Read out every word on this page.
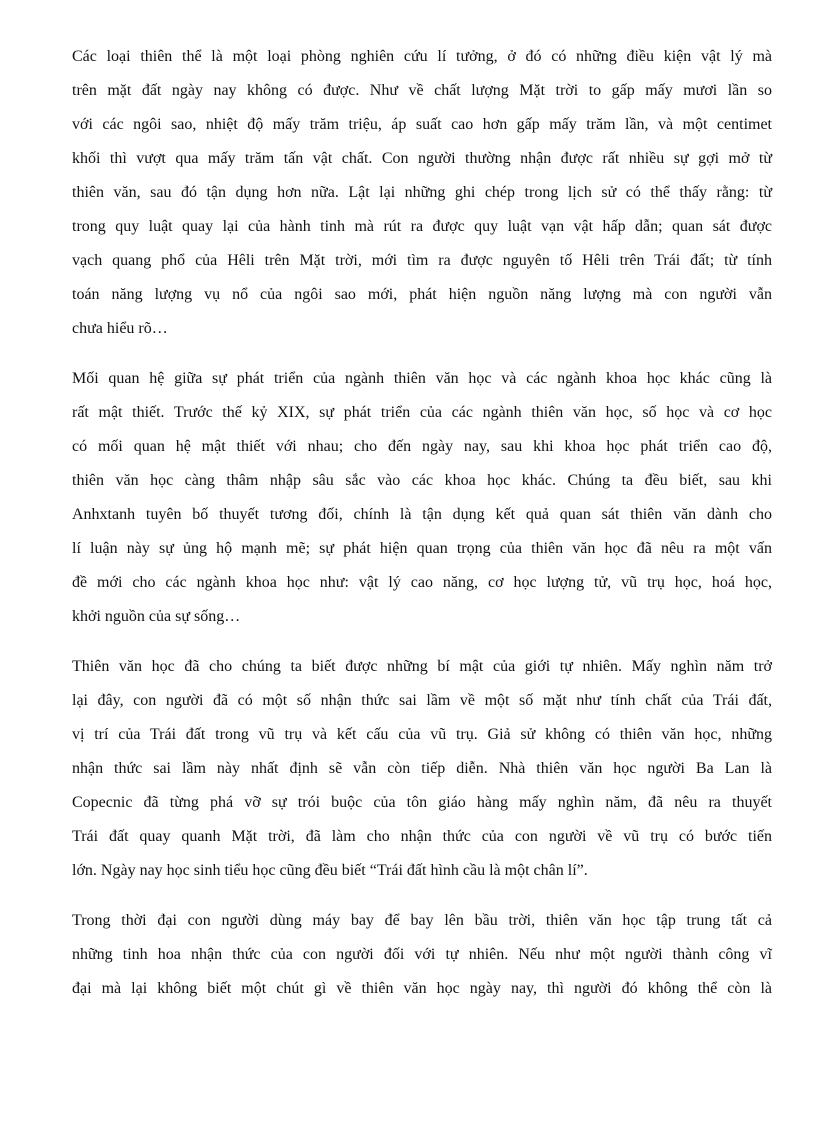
Các loại thiên thể là một loại phòng nghiên cứu lí tưởng, ở đó có những điều kiện vật lý mà
trên mặt đất ngày nay không có được. Như về chất lượng Mặt trời to gấp mấy mươi lần so
với các ngôi sao, nhiệt độ mấy trăm triệu, áp suất cao hơn gấp mấy trăm lần, và một centimet
khối thì vượt qua mấy trăm tấn vật chất. Con người thường nhận được rất nhiều sự gợi mở từ
thiên văn, sau đó tận dụng hơn nữa. Lật lại những ghi chép trong lịch sử có thể thấy rằng: từ
trong quy luật quay lại của hành tinh mà rút ra được quy luật vạn vật hấp dẫn; quan sát được
vạch quang phổ của Hêli trên Mặt trời, mới tìm ra được nguyên tố Hêli trên Trái đất; từ tính
toán năng lượng vụ nổ của ngôi sao mới, phát hiện nguồn năng lượng mà con người vẫn
chưa hiểu rõ…
Mối quan hệ giữa sự phát triển của ngành thiên văn học và các ngành khoa học khác cũng là
rất mật thiết. Trước thế kỷ XIX, sự phát triển của các ngành thiên văn học, số học và cơ học
có mối quan hệ mật thiết với nhau; cho đến ngày nay, sau khi khoa học phát triển cao độ,
thiên văn học càng thâm nhập sâu sắc vào các khoa học khác. Chúng ta đều biết, sau khi
Anhxtanh tuyên bố thuyết tương đối, chính là tận dụng kết quả quan sát thiên văn dành cho
lí luận này sự ủng hộ mạnh mẽ; sự phát hiện quan trọng của thiên văn học đã nêu ra một vấn
đề mới cho các ngành khoa học như: vật lý cao năng, cơ học lượng tử, vũ trụ học, hoá học,
khởi nguồn của sự sống…
Thiên văn học đã cho chúng ta biết được những bí mật của giới tự nhiên. Mấy nghìn năm trở
lại đây, con người đã có một số nhận thức sai lầm về một số mặt như tính chất của Trái đất,
vị trí của Trái đất trong vũ trụ và kết cấu của vũ trụ. Giả sử không có thiên văn học, những
nhận thức sai lầm này nhất định sẽ vẫn còn tiếp diễn. Nhà thiên văn học người Ba Lan là
Copecnic đã từng phá vỡ sự trói buộc của tôn giáo hàng mấy nghìn năm, đã nêu ra thuyết
Trái đất quay quanh Mặt trời, đã làm cho nhận thức của con người về vũ trụ có bước tiến
lớn. Ngày nay học sinh tiểu học cũng đều biết “Trái đất hình cầu là một chân lí”.
Trong thời đại con người dùng máy bay để bay lên bầu trời, thiên văn học tập trung tất cả
những tinh hoa nhận thức của con người đối với tự nhiên. Nếu như một người thành công vĩ
đại mà lại không biết một chút gì về thiên văn học ngày nay, thì người đó không thể còn là
